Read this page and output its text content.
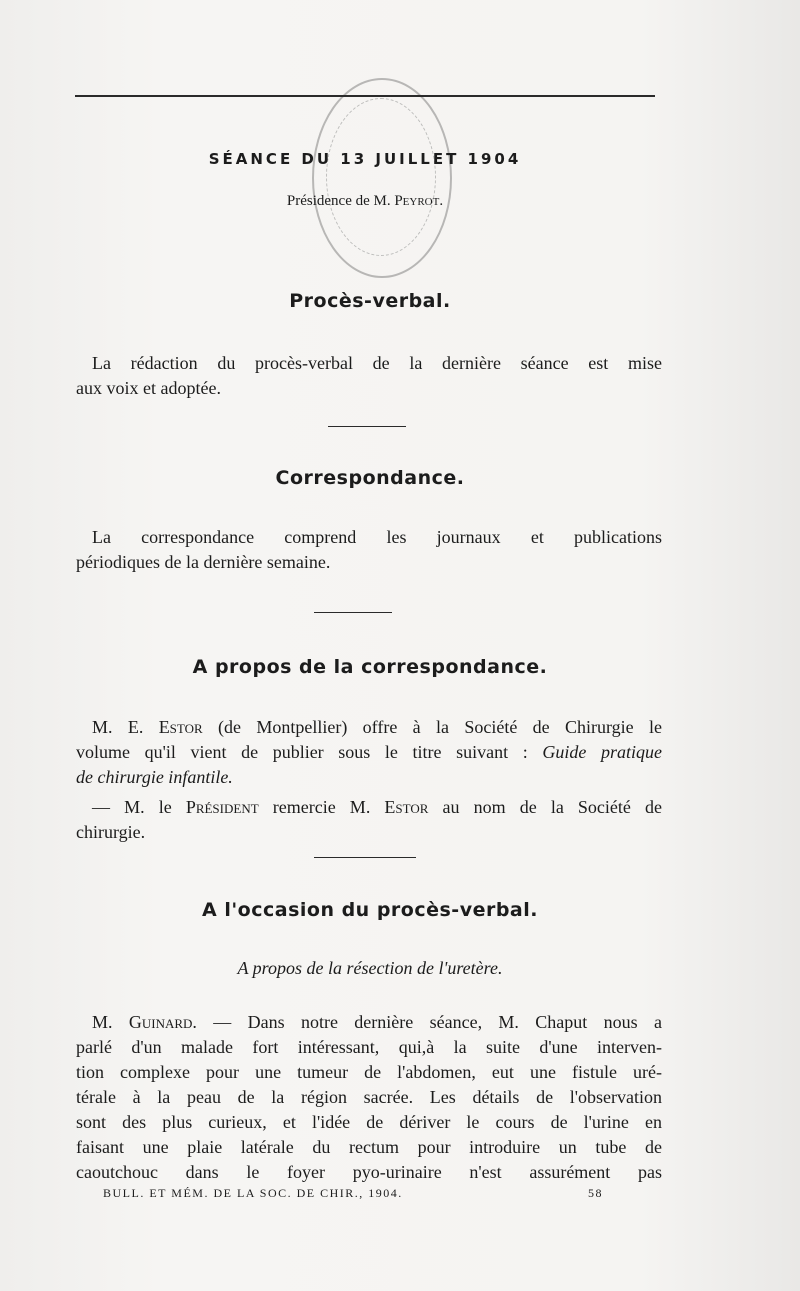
SÉANCE DU 13 JUILLET 1904
Présidence de M. Peyrot.
Procès-verbal.
La rédaction du procès-verbal de la dernière séance est mise
aux voix et adoptée.
Correspondance.
La correspondance comprend les journaux et publications
périodiques de la dernière semaine.
A propos de la correspondance.
M. E. Estor (de Montpellier) offre à la Société de Chirurgie le
volume qu'il vient de publier sous le titre suivant : Guide pratique
de chirurgie infantile.
— M. le Président remercie M. Estor au nom de la Société de
chirurgie.
A l'occasion du procès-verbal.
A propos de la résection de l'uretère.
M. Guinard. — Dans notre dernière séance, M. Chaput nous a
parlé d'un malade fort intéressant, qui,à la suite d'une interven-
tion complexe pour une tumeur de l'abdomen, eut une fistule uré-
térale à la peau de la région sacrée. Les détails de l'observation
sont des plus curieux, et l'idée de dériver le cours de l'urine en
faisant une plaie latérale du rectum pour introduire un tube de
caoutchouc dans le foyer pyo-urinaire n'est assurément pas
BULL. ET MÉM. DE LA SOC. DE CHIR., 1904.	58
